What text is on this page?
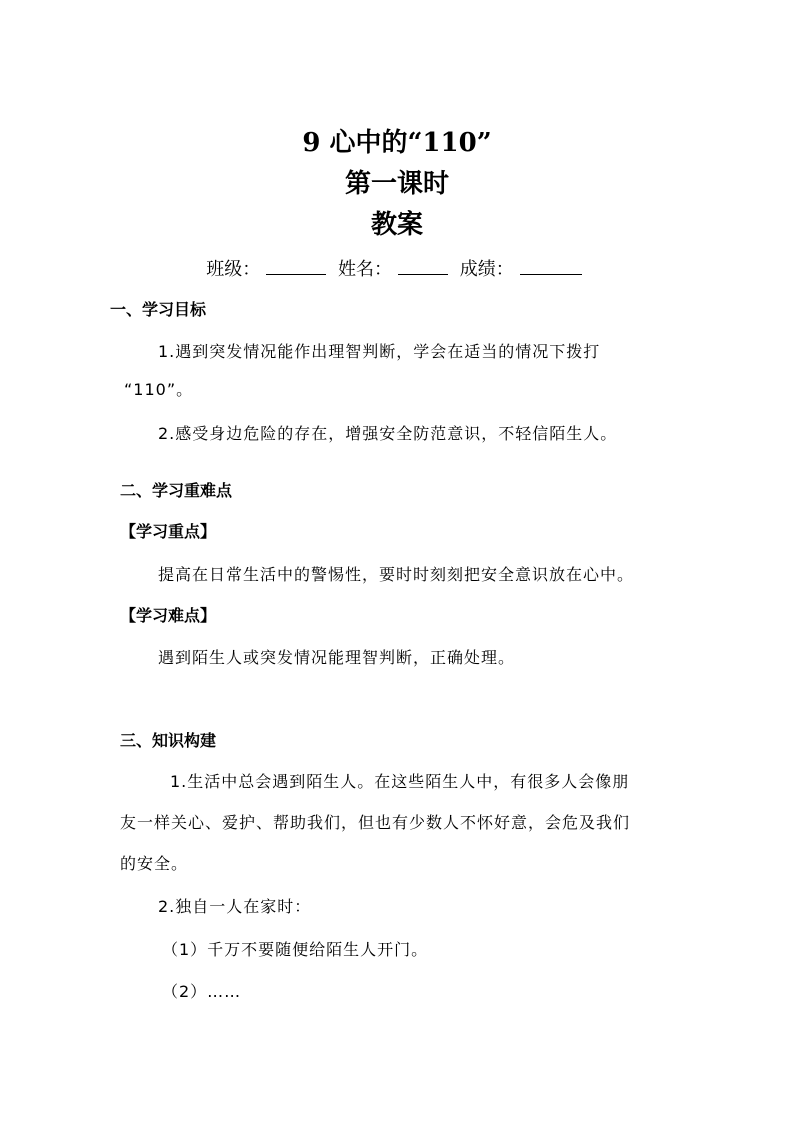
9 心中的“110”
第一课时
教案
班级：	姓名：	成绩：
一、学习目标
1.遇到突发情况能作出理智判断，学会在适当的情况下拨打
“110”。
2.感受身边危险的存在，增强安全防范意识，不轻信陌生人。
二、学习重难点
【学习重点】
提高在日常生活中的警惕性，要时时刻刻把安全意识放在心中。
【学习难点】
遇到陌生人或突发情况能理智判断，正确处理。
三、知识构建
1.生活中总会遇到陌生人。在这些陌生人中，有很多人会像朋
友一样关心、爱护、帮助我们，但也有少数人不怀好意，会危及我们
的安全。
2.独自一人在家时：
（1）千万不要随便给陌生人开门。
（2）……
